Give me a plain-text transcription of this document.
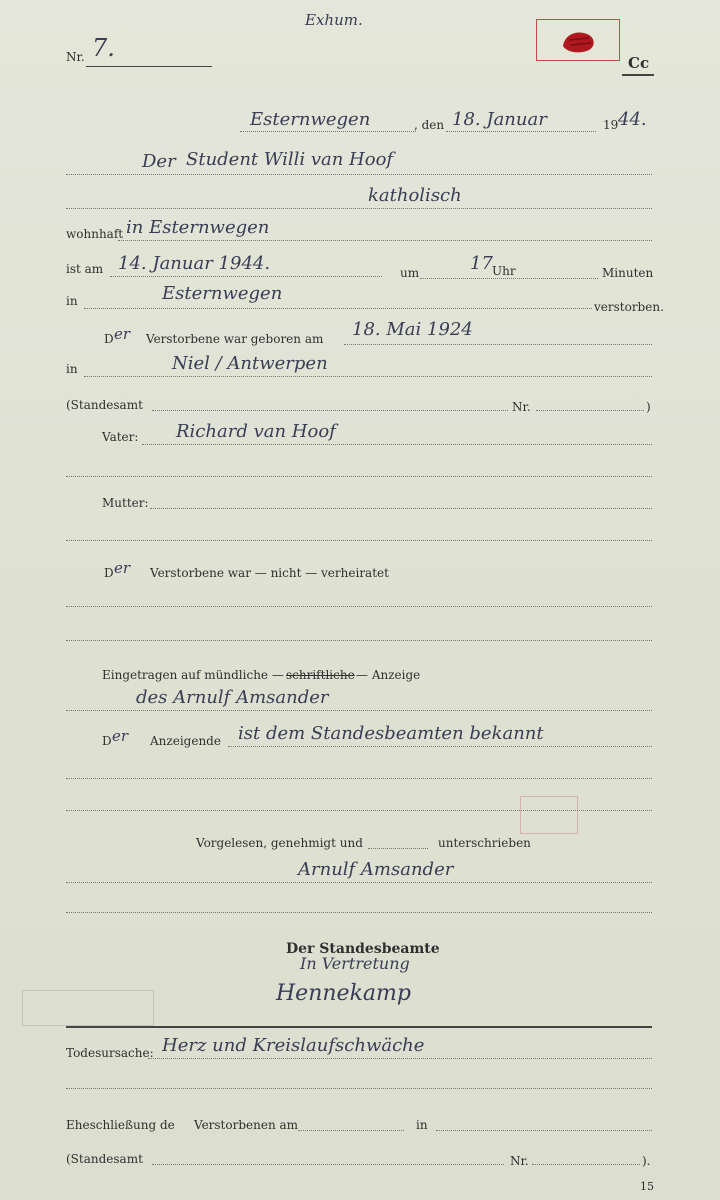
Exhum.
Nr. 7.
Cc
Esternwegen	, den 18. Januar	19 44.
Der Student Willi van Hoof
katholisch
wohnhaft in Esternwegen
ist am 14. Januar 1944.	um	17 Uhr	Minuten
in	Esternwegen
verstorben.
D er Verstorbene war geboren am 18. Mai 1924
in	Niel / Antwerpen
(Standesamt	Nr.	)
Vater: Richard van Hoof
Mutter:
D er Verstorbene war — nicht — verheiratet
Eingetragen auf mündliche — schriftliche — Anzeige
des Arnulf Amsander
D er Anzeigende ist dem Standesbeamten bekannt
Vorgelesen, genehmigt und	unterschrieben
Arnulf Amsander
Der Standesbeamte
In Vertretung
Hennekamp
Todesursache: Herz und Kreislaufschwäche
Eheschließung de Verstorbenen am	in
(Standesamt	Nr.	).
15
